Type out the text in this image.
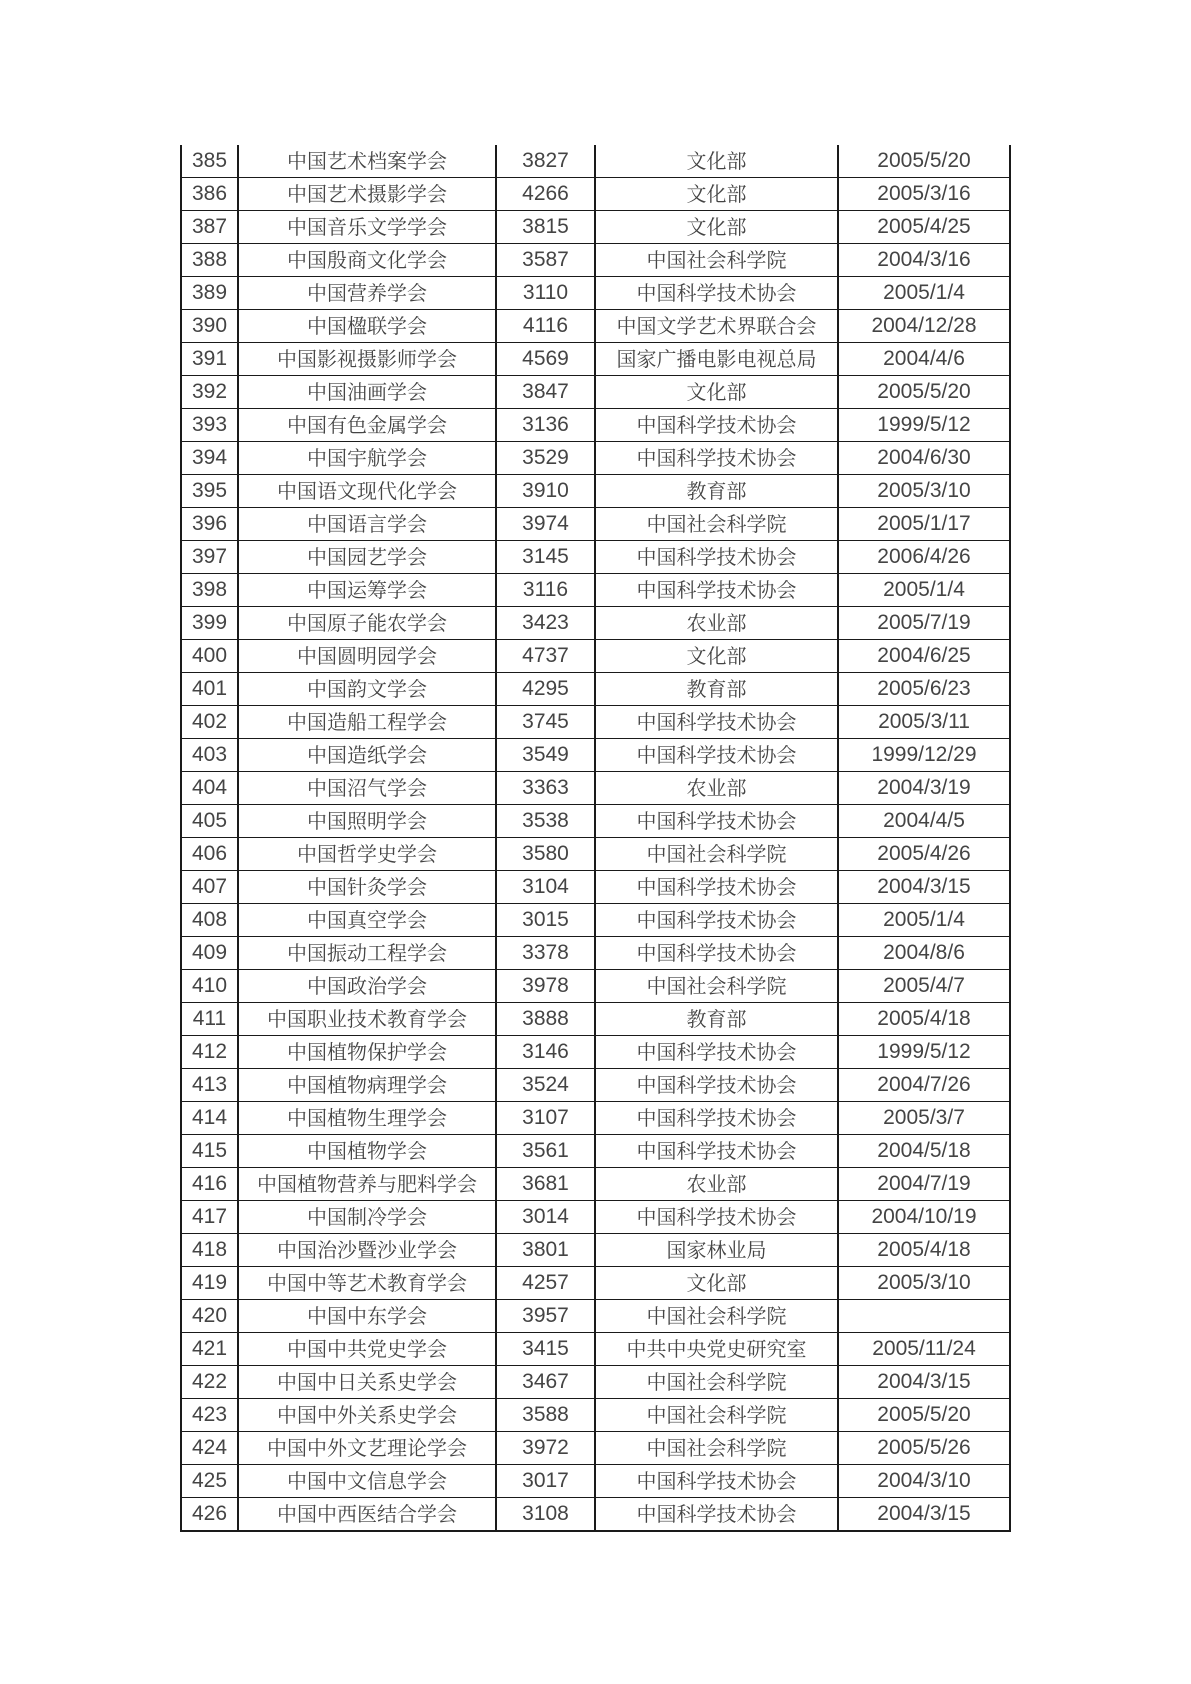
385	中国艺术档案学会	3827	文化部	2005/5/20
386	中国艺术摄影学会	4266	文化部	2005/3/16
387	中国音乐文学学会	3815	文化部	2005/4/25
388	中国殷商文化学会	3587	中国社会科学院	2004/3/16
389	中国营养学会	3110	中国科学技术协会	2005/1/4
390	中国楹联学会	4116	中国文学艺术界联合会	2004/12/28
391	中国影视摄影师学会	4569	国家广播电影电视总局	2004/4/6
392	中国油画学会	3847	文化部	2005/5/20
393	中国有色金属学会	3136	中国科学技术协会	1999/5/12
394	中国宇航学会	3529	中国科学技术协会	2004/6/30
395	中国语文现代化学会	3910	教育部	2005/3/10
396	中国语言学会	3974	中国社会科学院	2005/1/17
397	中国园艺学会	3145	中国科学技术协会	2006/4/26
398	中国运筹学会	3116	中国科学技术协会	2005/1/4
399	中国原子能农学会	3423	农业部	2005/7/19
400	中国圆明园学会	4737	文化部	2004/6/25
401	中国韵文学会	4295	教育部	2005/6/23
402	中国造船工程学会	3745	中国科学技术协会	2005/3/11
403	中国造纸学会	3549	中国科学技术协会	1999/12/29
404	中国沼气学会	3363	农业部	2004/3/19
405	中国照明学会	3538	中国科学技术协会	2004/4/5
406	中国哲学史学会	3580	中国社会科学院	2005/4/26
407	中国针灸学会	3104	中国科学技术协会	2004/3/15
408	中国真空学会	3015	中国科学技术协会	2005/1/4
409	中国振动工程学会	3378	中国科学技术协会	2004/8/6
410	中国政治学会	3978	中国社会科学院	2005/4/7
411	中国职业技术教育学会	3888	教育部	2005/4/18
412	中国植物保护学会	3146	中国科学技术协会	1999/5/12
413	中国植物病理学会	3524	中国科学技术协会	2004/7/26
414	中国植物生理学会	3107	中国科学技术协会	2005/3/7
415	中国植物学会	3561	中国科学技术协会	2004/5/18
416	中国植物营养与肥料学会	3681	农业部	2004/7/19
417	中国制冷学会	3014	中国科学技术协会	2004/10/19
418	中国治沙暨沙业学会	3801	国家林业局	2005/4/18
419	中国中等艺术教育学会	4257	文化部	2005/3/10
420	中国中东学会	3957	中国社会科学院	
421	中国中共党史学会	3415	中共中央党史研究室	2005/11/24
422	中国中日关系史学会	3467	中国社会科学院	2004/3/15
423	中国中外关系史学会	3588	中国社会科学院	2005/5/20
424	中国中外文艺理论学会	3972	中国社会科学院	2005/5/26
425	中国中文信息学会	3017	中国科学技术协会	2004/3/10
426	中国中西医结合学会	3108	中国科学技术协会	2004/3/15
